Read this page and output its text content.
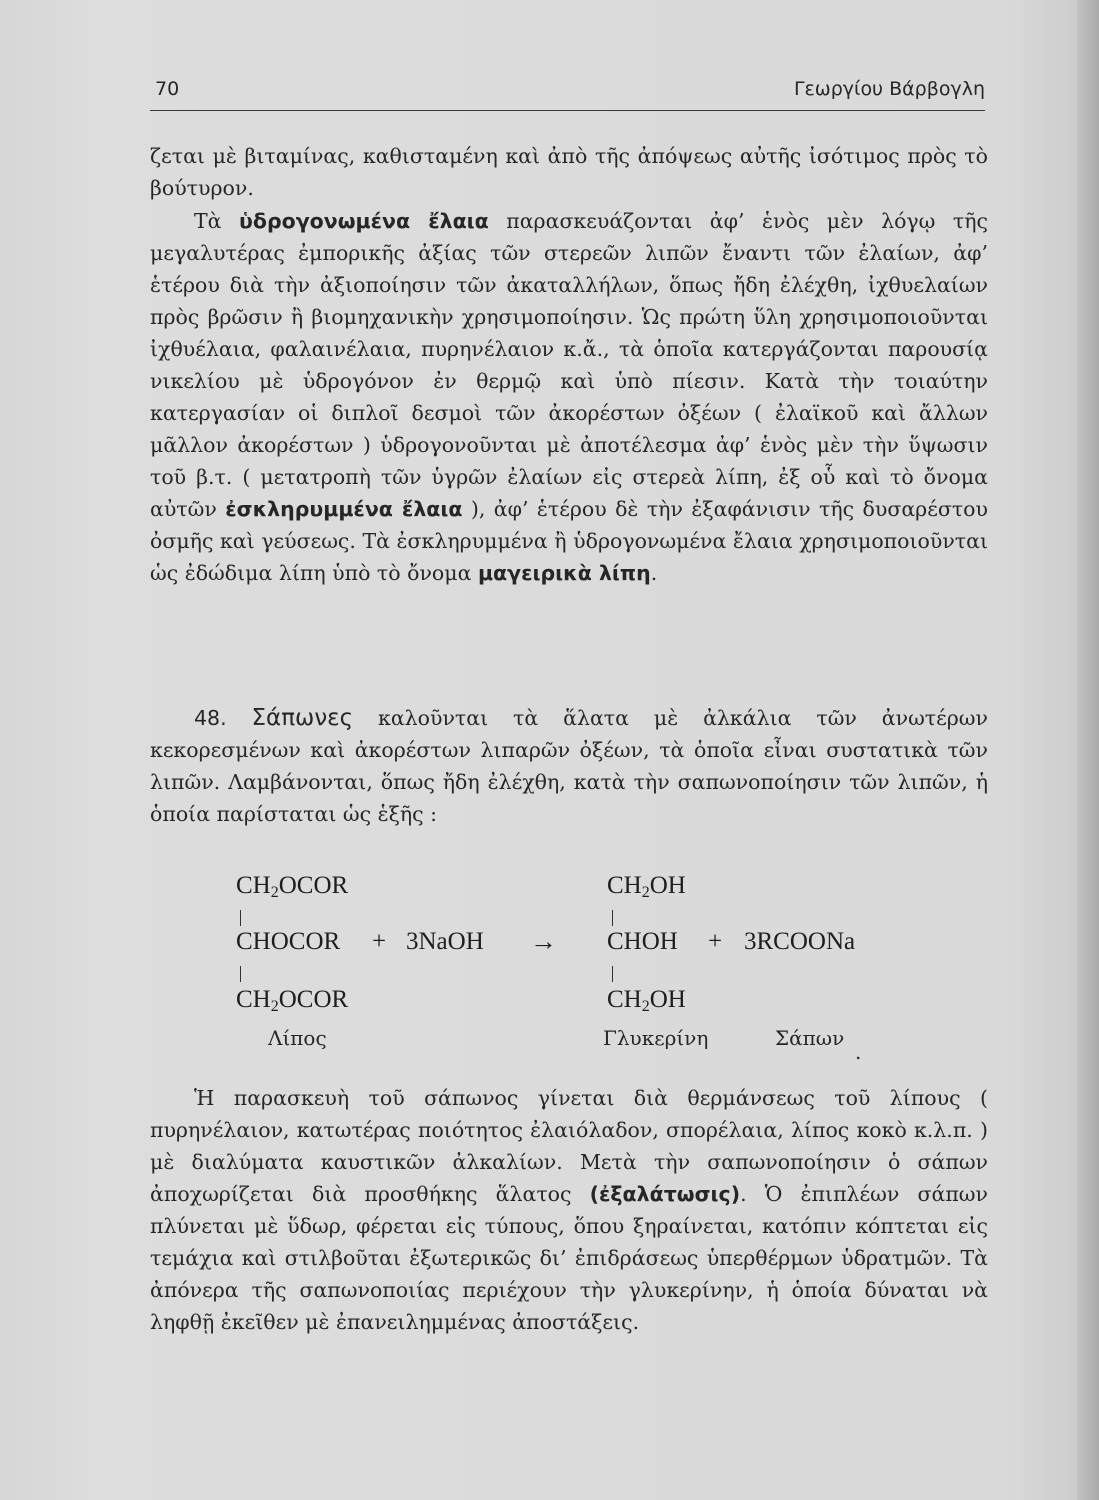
70	Γεωργίου Βάρβογλη

ζεται μὲ βιταμίνας, καθισταμένη καὶ ἀπὸ τῆς ἀπόψεως αὐτῆς ἰσότιμος πρὸς τὸ βούτυρον.

Τὰ ὑδρογονωμένα ἔλαια παρασκευάζονται ἀφ’ ἑνὸς μὲν λόγῳ τῆς μεγαλυτέρας ἐμπορικῆς ἀξίας τῶν στερεῶν λιπῶν ἔναντι τῶν ἐλαίων, ἀφ’ ἑτέρου διὰ τὴν ἀξιοποίησιν τῶν ἀκαταλλήλων, ὅπως ἤδη ἐλέχθη, ἰχθυελαίων πρὸς βρῶσιν ἢ βιομηχανικὴν χρησιμοποίησιν. Ὡς πρώτη ὕλη χρησιμοποιοῦνται ἰχθυέλαια, φαλαινέλαια, πυρηνέλαιον κ.ἄ., τὰ ὁποῖα κατεργάζονται παρουσίᾳ νικελίου μὲ ὑδρογόνον ἐν θερμῷ καὶ ὑπὸ πίεσιν. Κατὰ τὴν τοιαύτην κατεργασίαν οἱ διπλοῖ δεσμοὶ τῶν ἀκορέστων ὀξέων ( ἐλαϊκοῦ καὶ ἄλλων μᾶλλον ἀκορέστων ) ὑδρογονοῦνται μὲ ἀποτέλεσμα ἀφ’ ἑνὸς μὲν τὴν ὕψωσιν τοῦ β.τ. ( μετατροπὴ τῶν ὑγρῶν ἐλαίων εἰς στερεὰ λίπη, ἐξ οὗ καὶ τὸ ὄνομα αὐτῶν ἐσκληρυμμένα ἔλαια ), ἀφ’ ἑτέρου δὲ τὴν ἐξαφάνισιν τῆς δυσαρέστου ὀσμῆς καὶ γεύσεως. Τὰ ἐσκληρυμμένα ἢ ὑδρογονωμένα ἔλαια χρησιμοποιοῦνται ὡς ἐδώδιμα λίπη ὑπὸ τὸ ὄνομα μαγειρικὰ λίπη.

48. Σάπωνες καλοῦνται τὰ ἅλατα μὲ ἀλκάλια τῶν ἀνωτέρων κεκορεσμένων καὶ ἀκορέστων λιπαρῶν ὀξέων, τὰ ὁποῖα εἶναι συστατικὰ τῶν λιπῶν. Λαμβάνονται, ὅπως ἤδη ἐλέχθη, κατὰ τὴν σαπωνοποίησιν τῶν λιπῶν, ἡ ὁποία παρίσταται ὡς ἑξῆς :

$CH_2OCOR$
CHOCOR
$CH_2OCOR$
+ 3NaOH →
$CH_2OH$
CHOH
$CH_2OH$
+ 3RCOONa
Λίπος	Γλυκερίνη	Σάπων
.

Ἡ παρασκευὴ τοῦ σάπωνος γίνεται διὰ θερμάνσεως τοῦ λίπους ( πυρηνέλαιον, κατωτέρας ποιότητος ἐλαιόλαδον, σπορέλαια, λίπος κοκὸ κ.λ.π. ) μὲ διαλύματα καυστικῶν ἀλκαλίων. Μετὰ τὴν σαπωνοποίησιν ὁ σάπων ἀποχωρίζεται διὰ προσθήκης ἅλατος (ἐξαλάτωσις). Ὁ ἐπιπλέων σάπων πλύνεται μὲ ὕδωρ, φέρεται εἰς τύπους, ὅπου ξηραίνεται, κατόπιν κόπτεται εἰς τεμάχια καὶ στιλβοῦται ἐξωτερικῶς δι’ ἐπιδράσεως ὑπερθέρμων ὑδρατμῶν. Τὰ ἀπόνερα τῆς σαπωνοποιίας περιέχουν τὴν γλυκερίνην, ἡ ὁποία δύναται νὰ ληφθῇ ἐκεῖθεν μὲ ἐπανειλημμένας ἀποστάξεις.
